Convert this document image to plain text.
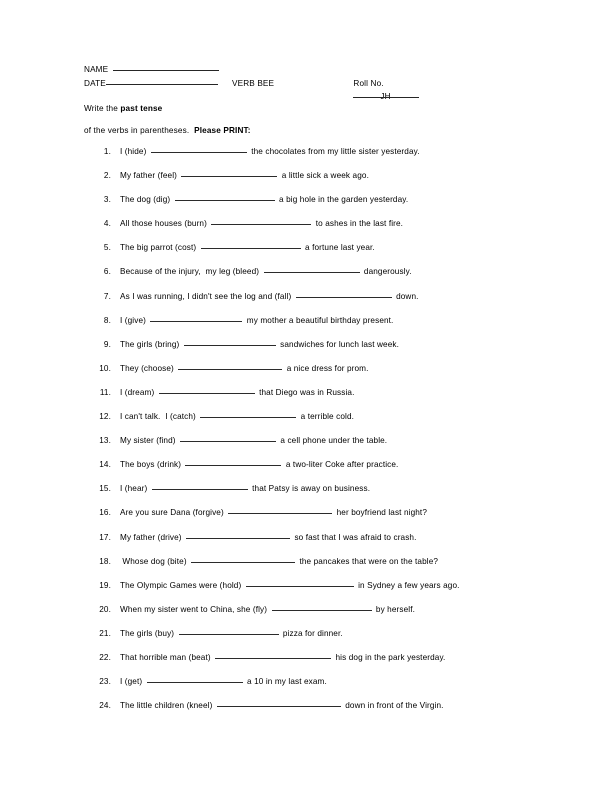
NAME

Roll No.

DATE	VERB BEE

JH

Write the past tense
of the verbs in parentheses.  Please PRINT:
1.	I (hide)	the chocolates from my little sister yesterday.
2.	My father (feel)	a little sick a week ago.
3.	The dog (dig)	a big hole in the garden yesterday.
4.	All those houses (burn)	to ashes in the last fire.
5.	The big parrot (cost)	a fortune last year.
6.	Because of the injury,  my leg (bleed)	dangerously.
7.	As I was running, I didn't see the log and (fall)	down.
8.	I (give)	my mother a beautiful birthday present.
9.	The girls (bring)	sandwiches for lunch last week.
10.	They (choose)	a nice dress for prom.
11.	I (dream)	that Diego was in Russia.
12.	I can't talk.  I (catch)	a terrible cold.
13.	My sister (find)	a cell phone under the table.
14.	The boys (drink)	a two-liter Coke after practice.
15.	I (hear)	that Patsy is away on business.
16.	Are you sure Dana (forgive)	her boyfriend last night?
17.	My father (drive)	so fast that I was afraid to crash.
18.	Whose dog (bite)	the pancakes that were on the table?
19.	The Olympic Games were (hold)	in Sydney a few years ago.
20.	When my sister went to China, she (fly)	by herself.
21.	The girls (buy)	pizza for dinner.
22.	That horrible man (beat)	his dog in the park yesterday.
23.	I (get)	a 10 in my last exam.
24.	The little children (kneel)	down in front of the Virgin.
